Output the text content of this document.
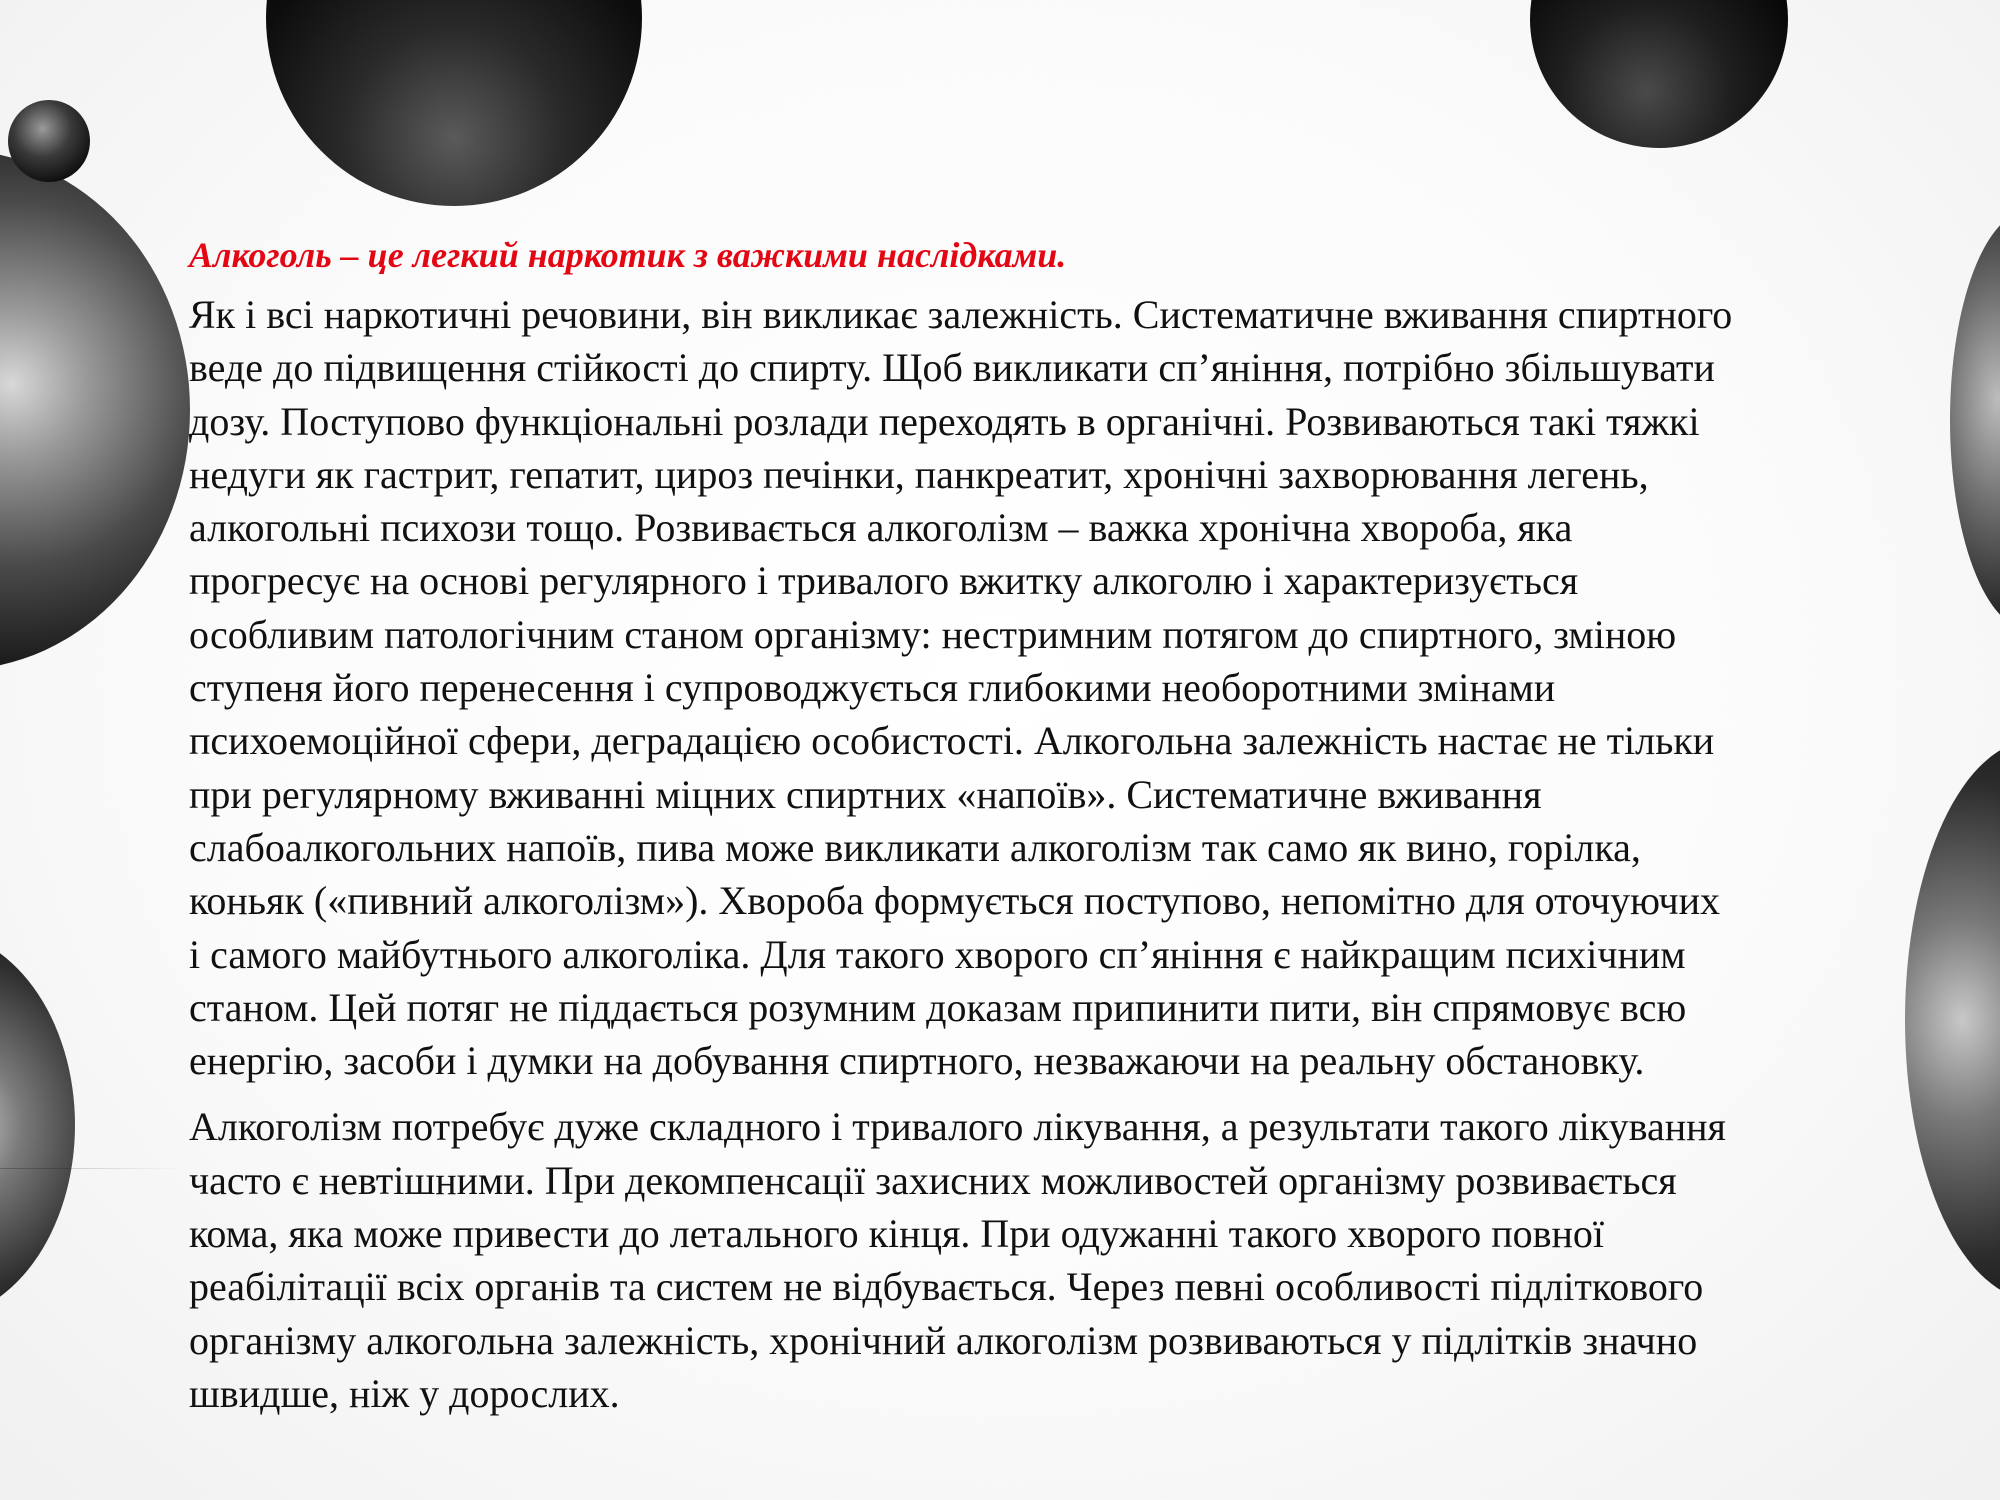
Алкоголь – це легкий наркотик з важкими наслідками.

Як і всі наркотичні речовини, він викликає залежність. Систематичне вживання спиртного
веде до підвищення стійкості до спирту. Щоб викликати сп’яніння, потрібно збільшувати
дозу. Поступово функціональні розлади переходять в органічні. Розвиваються такі тяжкі
недуги як гастрит, гепатит, цироз печінки, панкреатит, хронічні захворювання легень,
алкогольні психози тощо. Розвивається алкоголізм – важка хронічна хвороба, яка
прогресує на основі регулярного і тривалого вжитку алкоголю і характеризується
особливим патологічним станом організму: нестримним потягом до спиртного, зміною
ступеня його перенесення і супроводжується глибокими необоротними змінами
психоемоційної сфери, деградацією особистості. Алкогольна залежність настає не тільки
при регулярному вживанні міцних спиртних «напоїв». Систематичне вживання
слабоалкогольних напоїв, пива може викликати алкоголізм так само як вино, горілка,
коньяк («пивний алкоголізм»). Хвороба формується поступово, непомітно для оточуючих
і самого майбутнього алкоголіка. Для такого хворого сп’яніння є найкращим психічним
станом. Цей потяг не піддається розумним доказам припинити пити, він спрямовує всю
енергію, засоби і думки на добування спиртного, незважаючи на реальну обстановку.

Алкоголізм потребує дуже складного і тривалого лікування, а результати такого лікування
часто є невтішними. При декомпенсації захисних можливостей організму розвивається
кома, яка може привести до летального кінця. При одужанні такого хворого повної
реабілітації всіх органів та систем не відбувається. Через певні особливості підліткового
організму алкогольна залежність, хронічний алкоголізм розвиваються у підлітків значно
швидше, ніж у дорослих.
